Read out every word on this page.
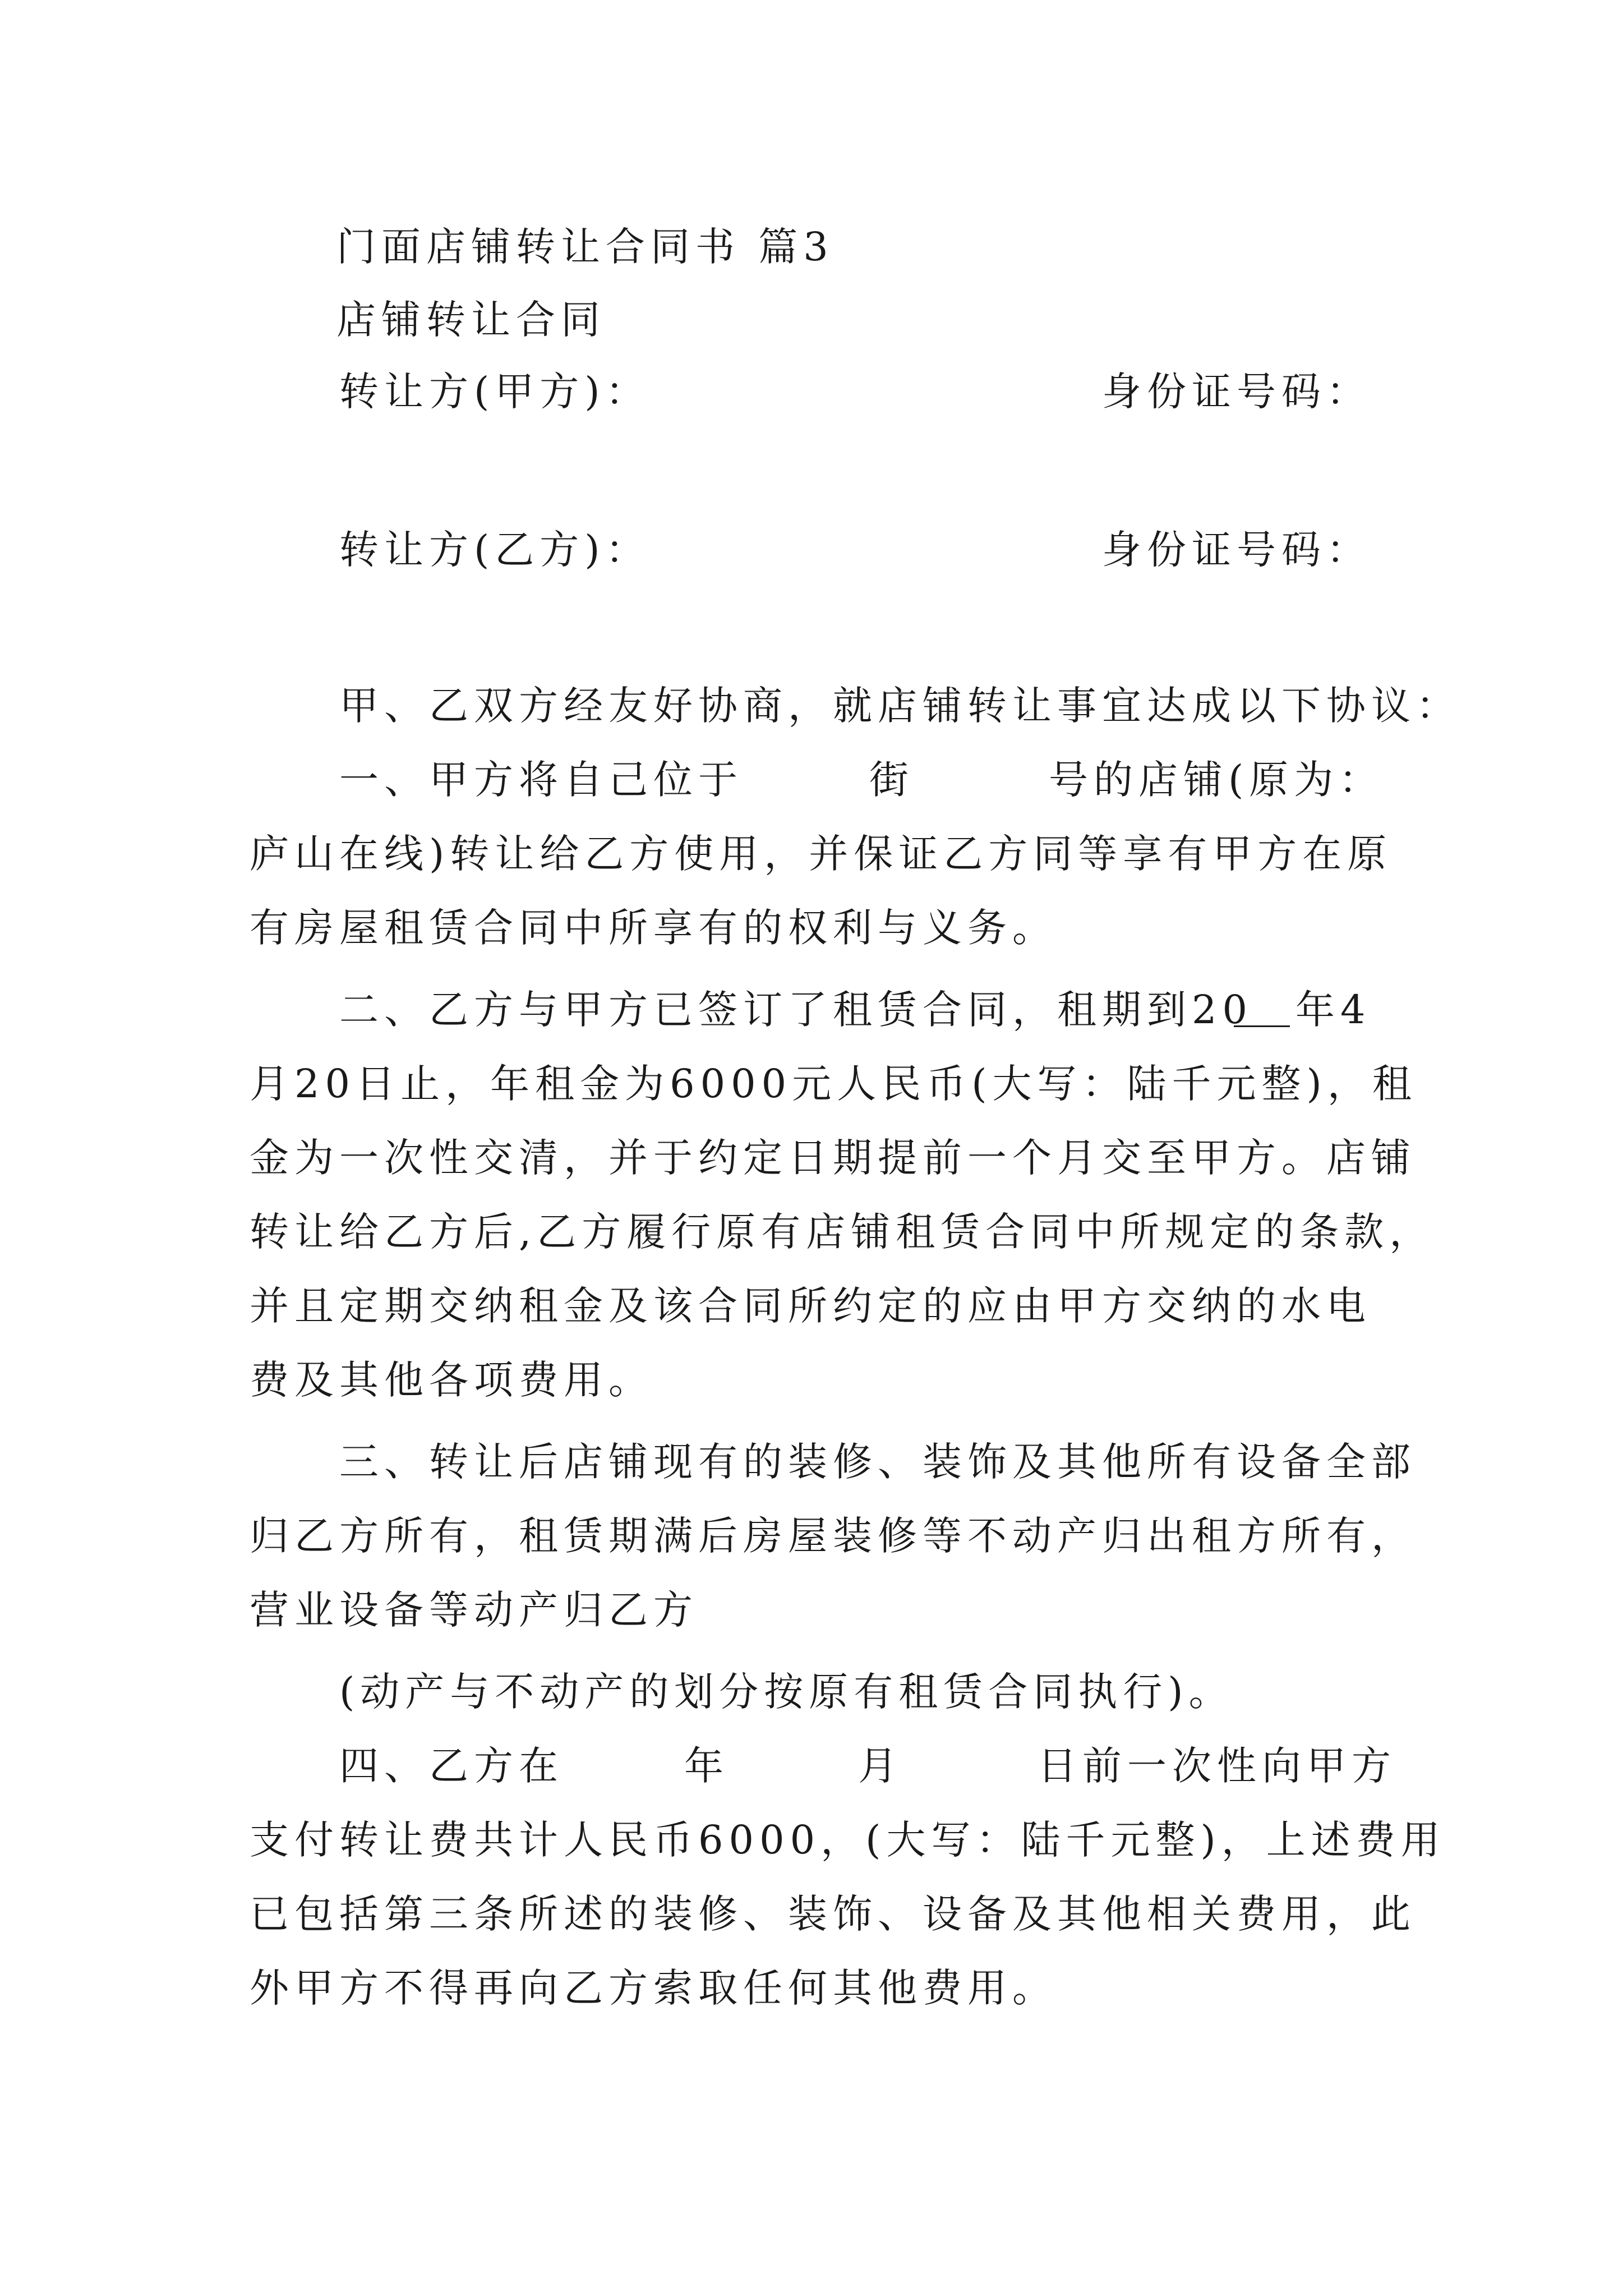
门面店铺转让合同书 篇3
店铺转让合同
转让方(甲方)：	身份证号码：
转让方(乙方)：	身份证号码：
甲、乙双方经友好协商，就店铺转让事宜达成以下协议：
一、甲方将自己位于	街	号的店铺(原为：
庐山在线)转让给乙方使用，并保证乙方同等享有甲方在原
有房屋租赁合同中所享有的权利与义务。
二、乙方与甲方已签订了租赁合同，租期到20 年4
月20日止，年租金为6000元人民币(大写：陆千元整)，租
金为一次性交清，并于约定日期提前一个月交至甲方。店铺
转让给乙方后,乙方履行原有店铺租赁合同中所规定的条款，
并且定期交纳租金及该合同所约定的应由甲方交纳的水电
费及其他各项费用。
三、转让后店铺现有的装修、装饰及其他所有设备全部
归乙方所有，租赁期满后房屋装修等不动产归出租方所有，
营业设备等动产归乙方
(动产与不动产的划分按原有租赁合同执行)。
四、乙方在	年	月	日前一次性向甲方
支付转让费共计人民币6000，(大写：陆千元整)，上述费用
已包括第三条所述的装修、装饰、设备及其他相关费用，此
外甲方不得再向乙方索取任何其他费用。
